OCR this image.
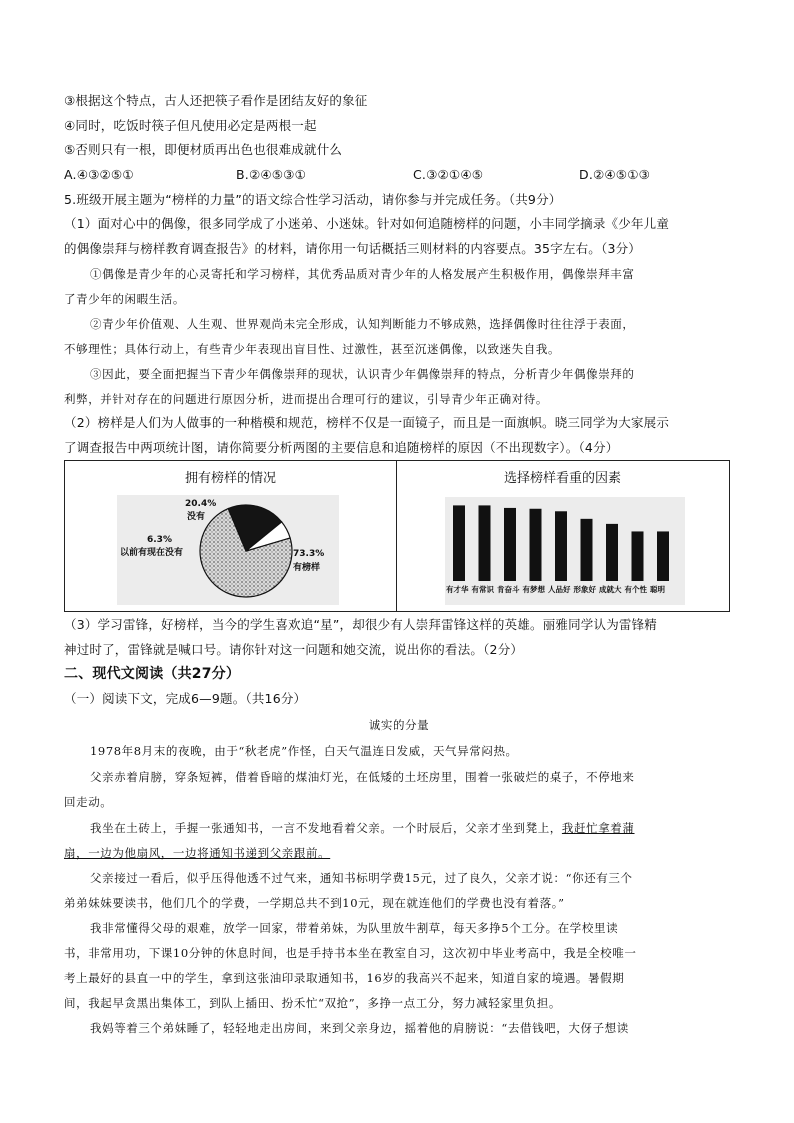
③根据这个特点，古人还把筷子看作是团结友好的象征
④同时，吃饭时筷子但凡使用必定是两根一起
⑤否则只有一根，即便材质再出色也很难成就什么
A.④③②⑤①	B.②④⑤③①	C.③②①④⑤	D.②④⑤①③
5.班级开展主题为“榜样的力量”的语文综合性学习活动，请你参与并完成任务。（共9分）
（1）面对心中的偶像，很多同学成了小迷弟、小迷妹。针对如何追随榜样的问题，小丰同学摘录《少年儿童
的偶像崇拜与榜样教育调查报告》的材料，请你用一句话概括三则材料的内容要点。35字左右。（3分）
①偶像是青少年的心灵寄托和学习榜样，其优秀品质对青少年的人格发展产生积极作用，偶像崇拜丰富
了青少年的闲暇生活。
②青少年价值观、人生观、世界观尚未完全形成，认知判断能力不够成熟，选择偶像时往往浮于表面，
不够理性；具体行动上，有些青少年表现出盲目性、过激性，甚至沉迷偶像，以致迷失自我。
③因此，要全面把握当下青少年偶像崇拜的现状，认识青少年偶像崇拜的特点，分析青少年偶像崇拜的
利弊，并针对存在的问题进行原因分析，进而提出合理可行的建议，引导青少年正确对待。
（2）榜样是人们为人做事的一种楷模和规范，榜样不仅是一面镜子，而且是一面旗帜。晓三同学为大家展示
了调查报告中两项统计图，请你简要分析两图的主要信息和追随榜样的原因（不出现数字）。（4分）
拥有榜样的情况
20.4%
没有
6.3%
以前有现在没有	73.3%
有榜样
选择榜样看重的因素
有才华 有常识 肯奋斗 有梦想 人品好 形象好 成就大 有个性 聪明
（3）学习雷锋，好榜样，当今的学生喜欢追“星”，却很少有人崇拜雷锋这样的英雄。丽雅同学认为雷锋精
神过时了，雷锋就是喊口号。请你针对这一问题和她交流，说出你的看法。（2分）
二、现代文阅读（共27分）
（一）阅读下文，完成6—9题。（共16分）
诚实的分量
1978年8月末的夜晚，由于“秋老虎”作怪，白天气温连日发威，天气异常闷热。
父亲赤着肩膀，穿条短裤，借着昏暗的煤油灯光，在低矮的土坯房里，围着一张破烂的桌子，不停地来
回走动。
我坐在土砖上，手握一张通知书，一言不发地看着父亲。一个时辰后，父亲才坐到凳上，我赶忙拿着蒲
扇，一边为他扇风，一边将通知书递到父亲跟前。
父亲接过一看后，似乎压得他透不过气来，通知书标明学费15元，过了良久，父亲才说：“你还有三个
弟弟妹妹要读书，他们几个的学费，一学期总共不到10元，现在就连他们的学费也没有着落。”
我非常懂得父母的艰难，放学一回家，带着弟妹，为队里放牛割草，每天多挣5个工分。在学校里读
书，非常用功，下课10分钟的休息时间，也是手持书本坐在教室自习，这次初中毕业考高中，我是全校唯一
考上最好的县直一中的学生，拿到这张油印录取通知书，16岁的我高兴不起来，知道自家的境遇。暑假期
间，我起早贪黑出集体工，到队上插田、扮禾忙“双抢”，多挣一点工分，努力减轻家里负担。
我妈等着三个弟妹睡了，轻轻地走出房间，来到父亲身边，摇着他的肩膀说：“去借钱吧，大伢子想读
